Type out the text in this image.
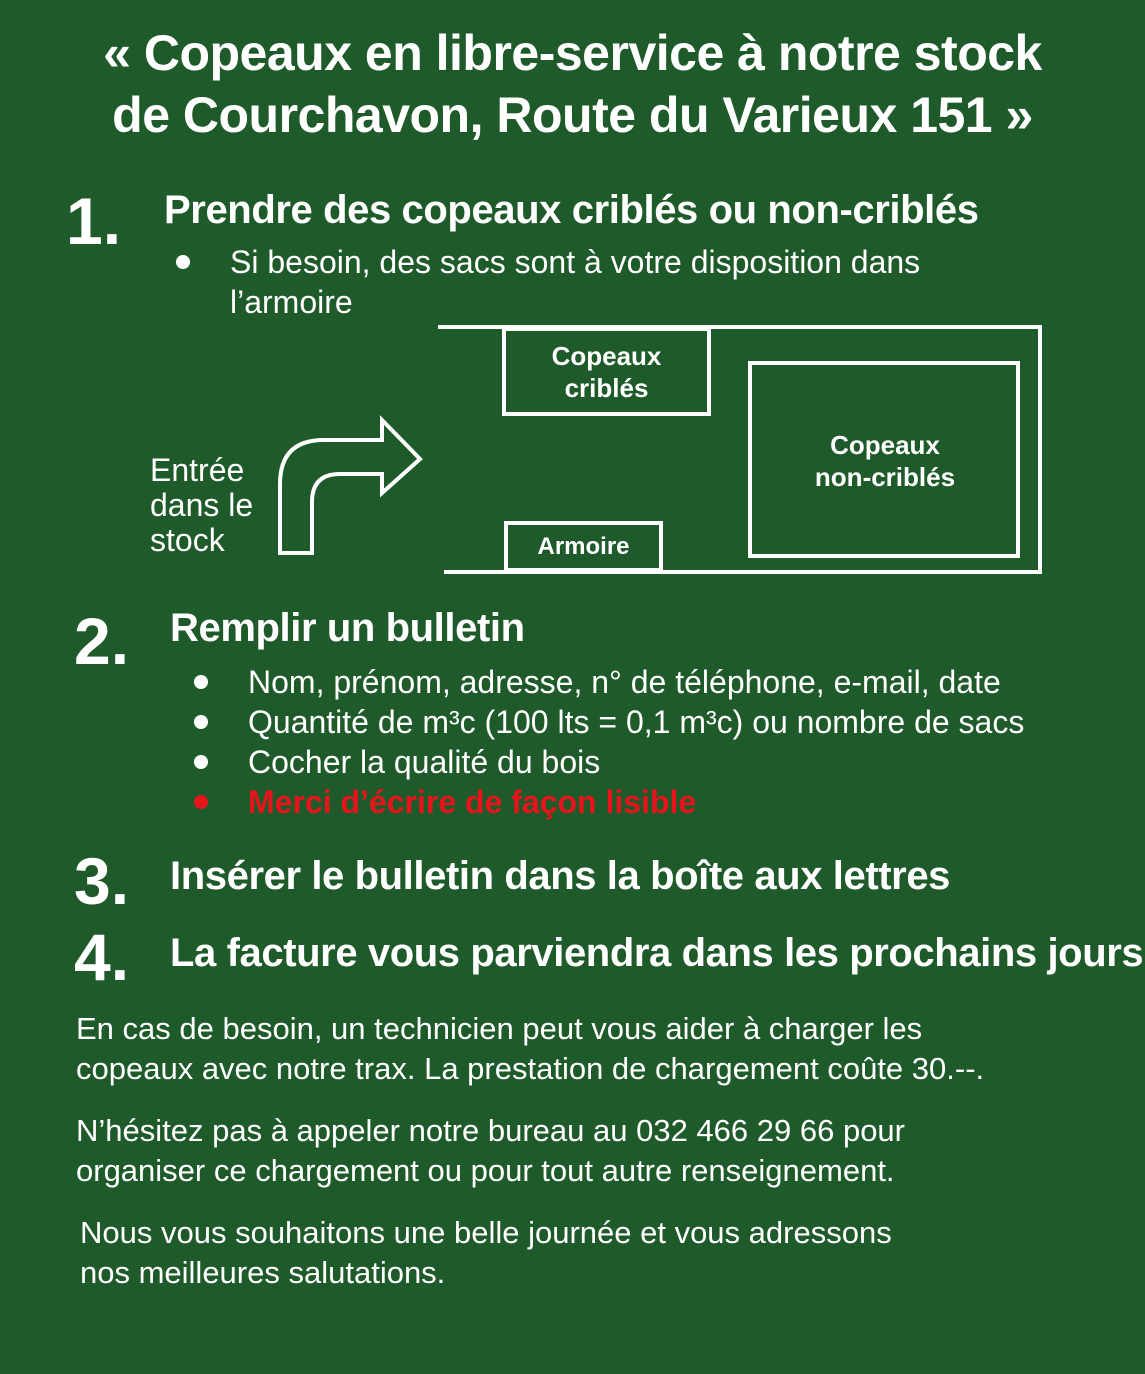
« Copeaux en libre-service à notre stock
de Courchavon, Route du Varieux 151 »
1. Prendre des copeaux criblés ou non-criblés
Si besoin, des sacs sont à votre disposition dans
l’armoire
Entrée
dans le
stock
Copeaux
criblés
Copeaux
non-criblés
Armoire
2. Remplir un bulletin
Nom, prénom, adresse, n° de téléphone, e-mail, date
Quantité de m³c (100 lts = 0,1 m³c) ou nombre de sacs
Cocher la qualité du bois
Merci d’écrire de façon lisible
3. Insérer le bulletin dans la boîte aux lettres
4. La facture vous parviendra dans les prochains jours
En cas de besoin, un technicien peut vous aider à charger les
copeaux avec notre trax. La prestation de chargement coûte 30.--.
N’hésitez pas à appeler notre bureau au 032 466 29 66 pour
organiser ce chargement ou pour tout autre renseignement.
Nous vous souhaitons une belle journée et vous adressons
nos meilleures salutations.
